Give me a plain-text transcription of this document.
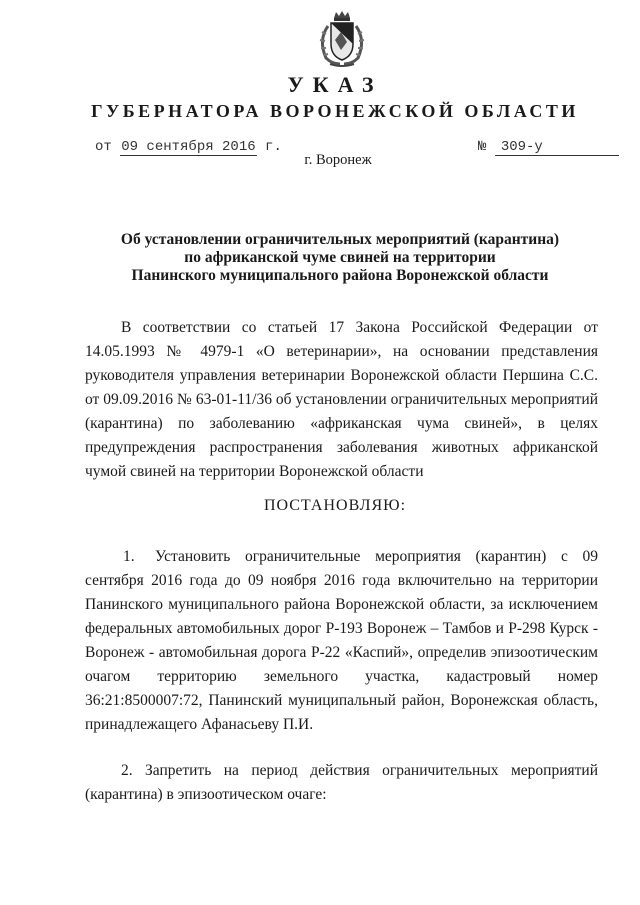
УКАЗ
ГУБЕРНАТОРА ВОРОНЕЖСКОЙ ОБЛАСТИ
от 09 сентября 2016 г.	№ 309-у
г. Воронеж
Об установлении ограничительных мероприятий (карантина)
по африканской чуме свиней на территории
Панинского муниципального района Воронежской области
В соответствии со статьей 17 Закона Российской Федерации от 14.05.1993 № 4979-1 «О ветеринарии», на основании представления руководителя управления ветеринарии Воронежской области Першина С.С. от 09.09.2016 № 63-01-11/36 об установлении ограничительных мероприятий (карантина) по заболеванию «африканская чума свиней», в целях предупреждения распространения заболевания животных африканской чумой свиней на территории Воронежской области
ПОСТАНОВЛЯЮ:
1. Установить ограничительные мероприятия (карантин) с 09 сентября 2016 года до 09 ноября 2016 года включительно на территории Панинского муниципального района Воронежской области, за исключением федеральных автомобильных дорог Р-193 Воронеж – Тамбов и Р-298 Курск - Воронеж - автомобильная дорога Р-22 «Каспий», определив эпизоотическим очагом территорию земельного участка, кадастровый номер 36:21:8500007:72, Панинский муниципальный район, Воронежская область, принадлежащего Афанасьеву П.И.
2. Запретить на период действия ограничительных мероприятий (карантина) в эпизоотическом очаге:
